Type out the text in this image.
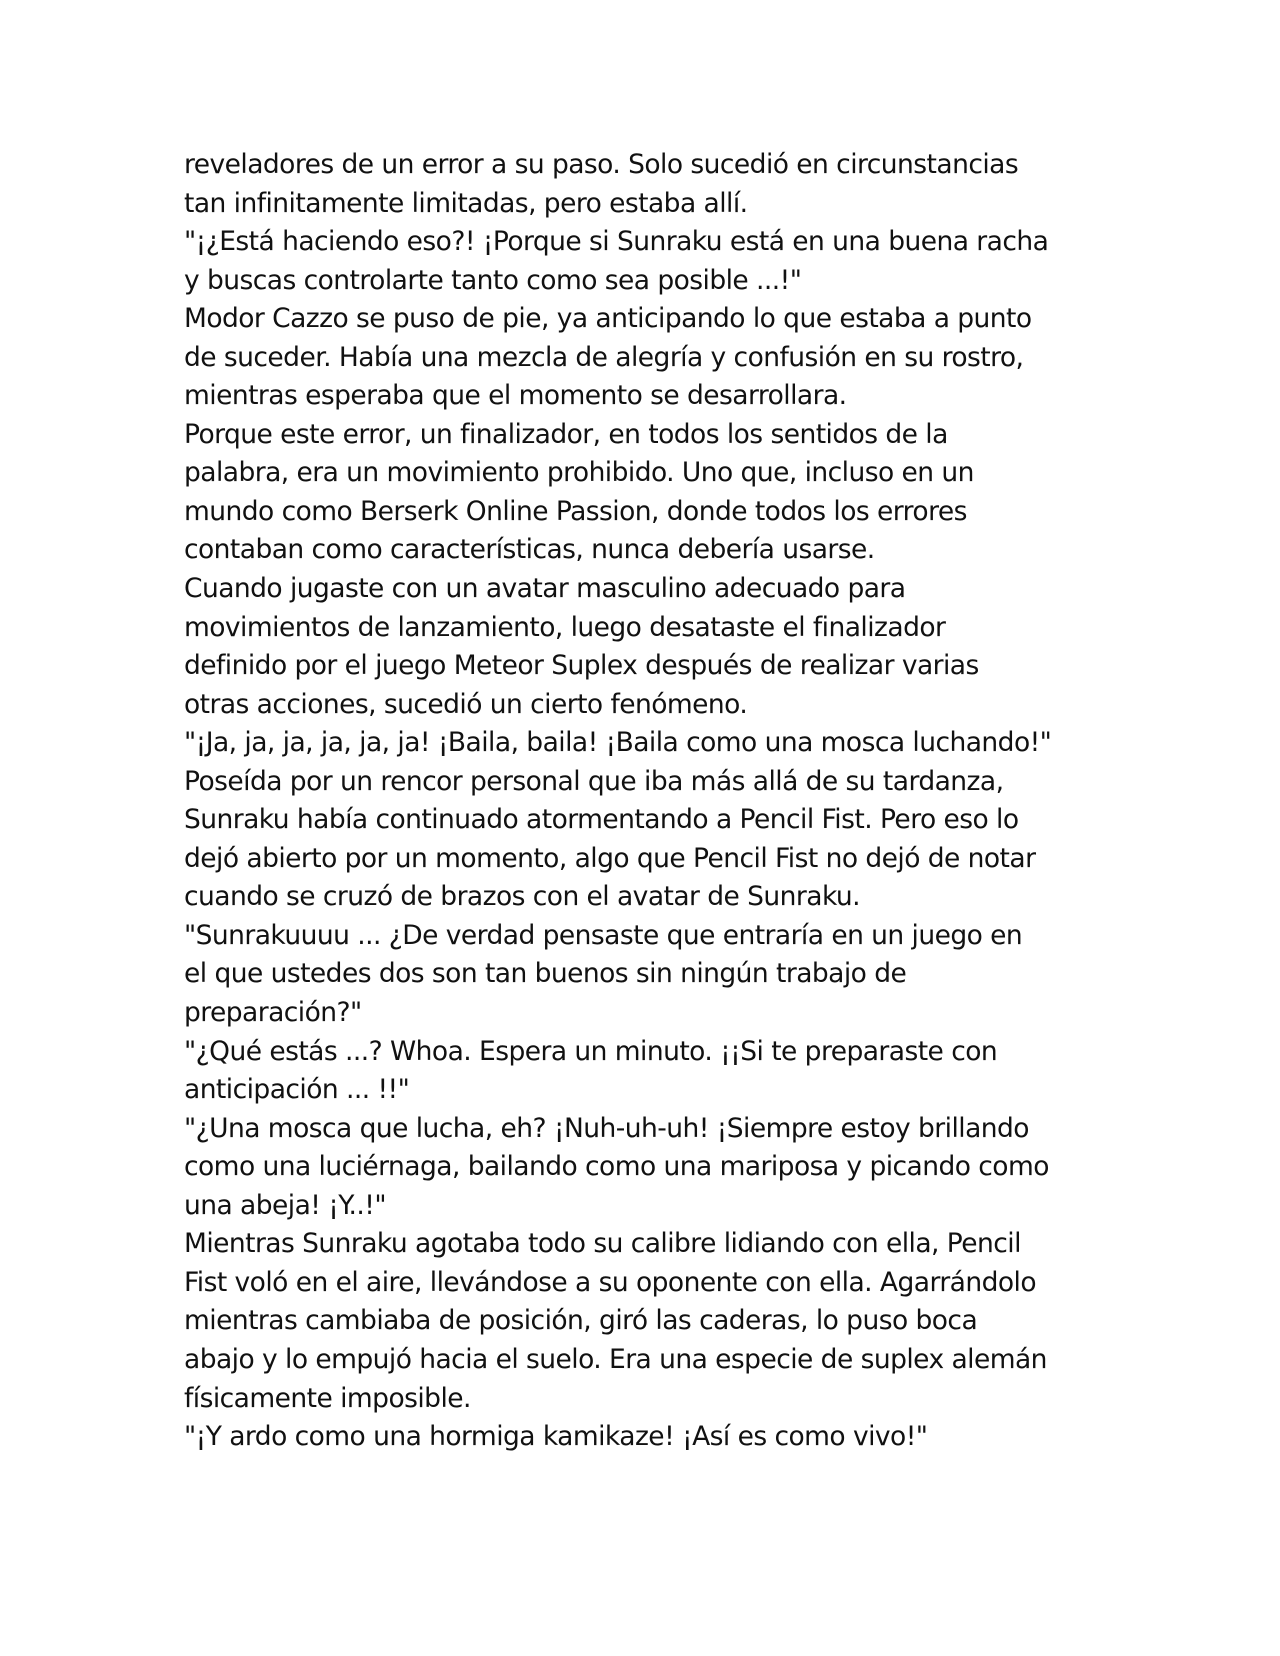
reveladores de un error a su paso. Solo sucedió en circunstancias
tan infinitamente limitadas, pero estaba allí.
"¡¿Está haciendo eso?! ¡Porque si Sunraku está en una buena racha
y buscas controlarte tanto como sea posible ...!"
Modor Cazzo se puso de pie, ya anticipando lo que estaba a punto
de suceder. Había una mezcla de alegría y confusión en su rostro,
mientras esperaba que el momento se desarrollara.
Porque este error, un finalizador, en todos los sentidos de la
palabra, era un movimiento prohibido. Uno que, incluso en un
mundo como Berserk Online Passion, donde todos los errores
contaban como características, nunca debería usarse.
Cuando jugaste con un avatar masculino adecuado para
movimientos de lanzamiento, luego desataste el finalizador
definido por el juego Meteor Suplex después de realizar varias
otras acciones, sucedió un cierto fenómeno.
"¡Ja, ja, ja, ja, ja, ja! ¡Baila, baila! ¡Baila como una mosca luchando!"
Poseída por un rencor personal que iba más allá de su tardanza,
Sunraku había continuado atormentando a Pencil Fist. Pero eso lo
dejó abierto por un momento, algo que Pencil Fist no dejó de notar
cuando se cruzó de brazos con el avatar de Sunraku.
"Sunrakuuuu ... ¿De verdad pensaste que entraría en un juego en
el que ustedes dos son tan buenos sin ningún trabajo de
preparación?"
"¿Qué estás ...? Whoa. Espera un minuto. ¡¡Si te preparaste con
anticipación ... !!"
"¿Una mosca que lucha, eh? ¡Nuh-uh-uh! ¡Siempre estoy brillando
como una luciérnaga, bailando como una mariposa y picando como
una abeja! ¡Y..!"
Mientras Sunraku agotaba todo su calibre lidiando con ella, Pencil
Fist voló en el aire, llevándose a su oponente con ella. Agarrándolo
mientras cambiaba de posición, giró las caderas, lo puso boca
abajo y lo empujó hacia el suelo. Era una especie de suplex alemán
físicamente imposible.
"¡Y ardo como una hormiga kamikaze! ¡Así es como vivo!"
